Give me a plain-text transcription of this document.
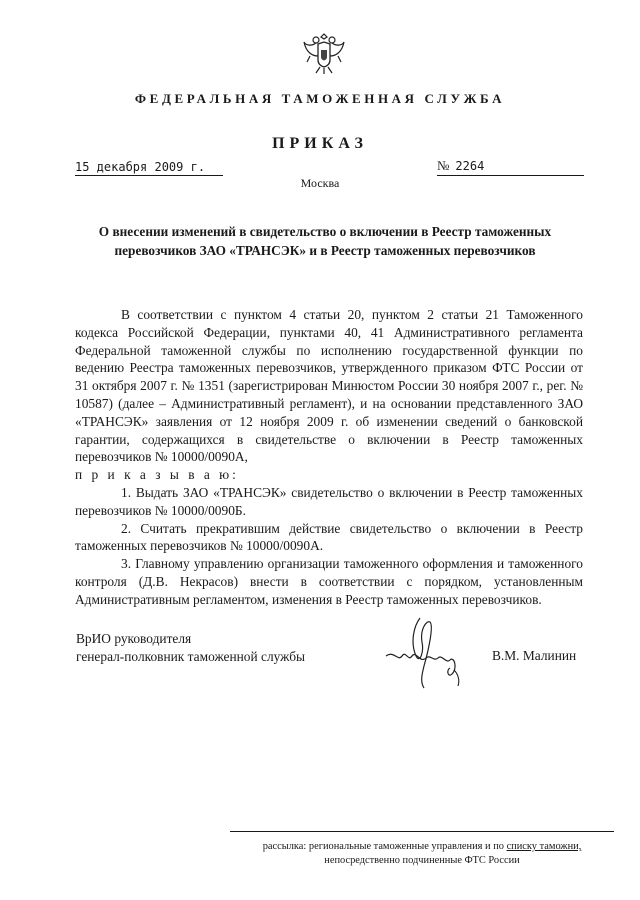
ФЕДЕРАЛЬНАЯ ТАМОЖЕННАЯ СЛУЖБА
ПРИКАЗ
15 декабря 2009 г.	№ 2264
Москва
О внесении изменений в свидетельство о включении в Реестр таможенных перевозчиков ЗАО «ТРАНСЭК» и в Реестр таможенных перевозчиков

В соответствии с пунктом 4 статьи 20, пунктом 2 статьи 21 Таможенного кодекса Российской Федерации, пунктами 40, 41 Административного регламента Федеральной таможенной службы по исполнению государственной функции по ведению Реестра таможенных перевозчиков, утвержденного приказом ФТС России от 31 октября 2007 г. № 1351 (зарегистрирован Минюстом России 30 ноября 2007 г., рег. № 10587) (далее – Административный регламент), и на основании представленного ЗАО «ТРАНСЭК» заявления от 12 ноября 2009 г. об изменении сведений о банковской гарантии, содержащихся в свидетельстве о включении в Реестр таможенных перевозчиков № 10000/0090А,

п р и к а з ы в а ю:

1. Выдать ЗАО «ТРАНСЭК» свидетельство о включении в Реестр таможенных перевозчиков № 10000/0090Б.

2. Считать прекратившим действие свидетельство о включении в Реестр таможенных перевозчиков № 10000/0090А.

3. Главному управлению организации таможенного оформления и таможенного контроля (Д.В. Некрасов) внести в соответствии с порядком, установленным Административным регламентом, изменения в Реестр таможенных перевозчиков.

ВрИО руководителя
генерал-полковник таможенной службы	В.М. Малинин
рассылка: региональные таможенные управления и по списку таможни,
непосредственно подчиненные ФТС России
